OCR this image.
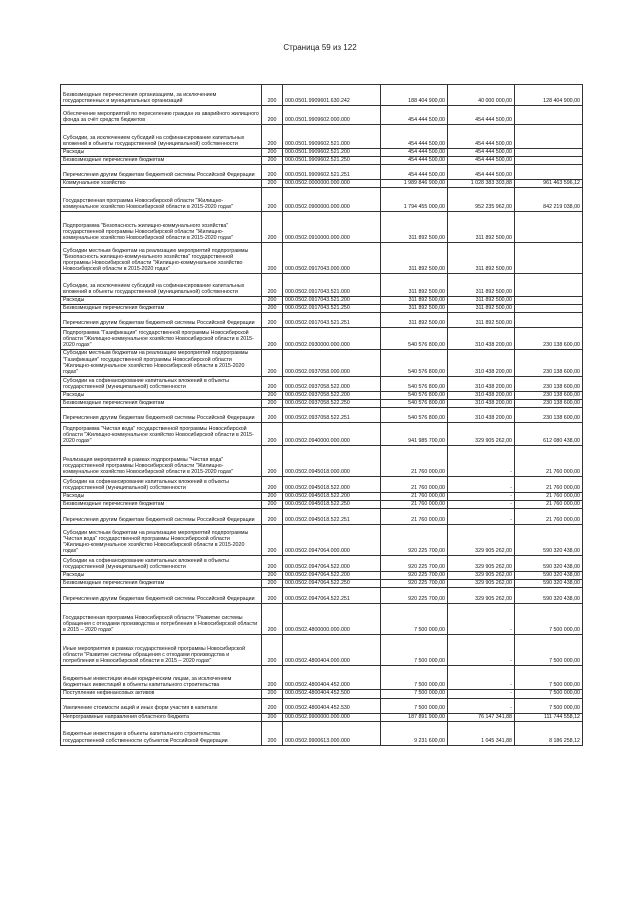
Страница 59 из 122
Безвозмездные перечисления организациям, за исключением государственных и муниципальных организаций	200	000.0501.9909601.630.242	188 404 900,00	40 000 000,00	128 404 900,00
Обеспечение мероприятий по переселению граждан из аварийного жилищного фонда за счёт средств бюджетов	200	000.0501.9909602.000.000	454 444 500,00	454 444 500,00	
Субсидии, за исключением субсидий на софинансирование капитальных вложений в объекты государственной (муниципальной) собственности	200	000.0501.9909602.521.000	454 444 500,00	454 444 500,00	
Расходы	200	000.0501.9909602.521.200	454 444 500,00	454 444 500,00	
Безвозмездные перечисления бюджетам	200	000.0501.9909602.521.250	454 444 500,00	454 444 500,00	
Перечисления другим бюджетам бюджетной системы Российской Федерации	200	000.0501.9909602.521.251	454 444 500,00	454 444 500,00	
Коммунальное хозяйство	200	000.0502.0000000.000.000	1 989 846 900,00	1 028 383 303,88	961 463 596,12
Государственная программа Новосибирской области "Жилищно-коммунальное хозяйство Новосибирской области в 2015-2020 годах"	200	000.0502.0900000.000.000	1 794 455 000,00	952 235 962,00	842 219 038,00
Подпрограмма "Безопасность жилищно-коммунального хозяйства" государственной программы Новосибирской области "Жилищно-коммунальное хозяйство Новосибирской области в 2015-2020 годах"	200	000.0502.0910000.000.000	311 892 500,00	311 892 500,00	
Субсидии местным бюджетам на реализацию мероприятий подпрограммы "Безопасность жилищно-коммунального хозяйства" государственной программы Новосибирской области "Жилищно-коммунальное хозяйство Новосибирской области в 2015-2020 годах"	200	000.0502.0917043.000.000	311 892 500,00	311 892 500,00	
Субсидии, за исключением субсидий на софинансирование капитальных вложений в объекты государственной (муниципальной) собственности	200	000.0502.0917043.521.000	311 892 500,00	311 892 500,00	
Расходы	200	000.0502.0917043.521.200	311 892 500,00	311 892 500,00	
Безвозмездные перечисления бюджетам	200	000.0502.0917043.521.250	311 892 500,00	311 892 500,00	
Перечисления другим бюджетам бюджетной системы Российской Федерации	200	000.0502.0917043.521.251	311 892 500,00	311 892 500,00	
Подпрограмма "Газификация" государственной программы Новосибирской области "Жилищно-коммунальное хозяйство Новосибирской области в 2015-2020 годах"	200	000.0502.0930000.000.000	540 576 800,00	310 438 200,00	230 138 600,00
Субсидии местным бюджетам на реализацию мероприятий подпрограммы "Газификация" государственной программы Новосибирской области "Жилищно-коммунальное хозяйство Новосибирской области в 2015-2020 годах"	200	000.0502.0937058.000.000	540 576 800,00	310 438 200,00	230 138 600,00
Субсидии на софинансирование капитальных вложений в объекты государственной (муниципальной) собственности	200	000.0502.0937058.522.000	540 576 800,00	310 438 200,00	230 138 600,00
Расходы	200	000.0502.0937058.522.200	540 576 800,00	310 438 200,00	230 138 600,00
Безвозмездные перечисления бюджетам	200	000.0502.0937058.522.250	540 576 800,00	310 438 200,00	230 138 600,00
Перечисления другим бюджетам бюджетной системы Российской Федерации	200	000.0502.0937058.522.251	540 576 800,00	310 438 200,00	230 138 600,00
Подпрограмма "Чистая вода" государственной программы Новосибирской области "Жилищно-коммунальное хозяйство Новосибирской области в 2015-2020 годах"	200	000.0502.0940000.000.000	941 985 700,00	329 905 262,00	612 080 438,00
Реализация мероприятий в рамках подпрограммы "Чистая вода" государственной программы Новосибирской области "Жилищно-коммунальное хозяйство Новосибирской области в 2015-2020 годах"	200	000.0502.0945018.000.000	21 760 000,00	-	21 760 000,00
Субсидии на софинансирование капитальных вложений в объекты государственной (муниципальной) собственности	200	000.0502.0945018.522.000	21 760 000,00	-	21 760 000,00
Расходы	200	000.0502.0945018.522.200	21 760 000,00	-	21 760 000,00
Безвозмездные перечисления бюджетам	200	000.0502.0945018.522.250	21 760 000,00	-	21 760 000,00
Перечисления другим бюджетам бюджетной системы Российской Федерации	200	000.0502.0945018.522.251	21 760 000,00	-	21 760 000,00
Субсидии местным бюджетам на реализацию мероприятий подпрограммы "Чистая вода" государственной программы Новосибирской области "Жилищно-коммунальное хозяйство Новосибирской области в 2015-2020 годах"	200	000.0502.0947064.000.000	920 225 700,00	329 905 262,00	590 320 438,00
Субсидии на софинансирование капитальных вложений в объекты государственной (муниципальной) собственности	200	000.0502.0947064.522.000	920 225 700,00	329 905 262,00	590 320 438,00
Расходы	200	000.0502.0947064.522.200	920 225 700,00	329 905 262,00	590 320 438,00
Безвозмездные перечисления бюджетам	200	000.0502.0947064.522.250	920 225 700,00	329 905 262,00	590 320 438,00
Перечисления другим бюджетам бюджетной системы Российской Федерации	200	000.0502.0947064.522.251	920 225 700,00	329 905 262,00	590 320 438,00
Государственная программа Новосибирской области "Развитие системы обращения с отходами производства и потребления в Новосибирской области в 2015 – 2020 годах"	200	000.0502.4800000.000.000	7 500 000,00	-	7 500 000,00
Иные мероприятия в рамках государственной программы Новосибирской области "Развитие системы обращения с отходами производства и потребления в Новосибирской области в 2015 – 2020 годах"	200	000.0502.4800404.000.000	7 500 000,00	-	7 500 000,00
Бюджетные инвестиции иным юридическим лицам, за исключением бюджетных инвестиций в объекты капитального строительства	200	000.0502.4800404.452.000	7 500 000,00	-	7 500 000,00
Поступление нефинансовых активов	200	000.0502.4800404.452.500	7 500 000,00	-	7 500 000,00
Увеличение стоимости акций и иных форм участия в капитале	200	000.0502.4800404.452.530	7 500 000,00	-	7 500 000,00
Непрограммные направления областного бюджета	200	000.0502.9900000.000.000	187 891 900,00	76 147 341,88	111 744 558,12
Бюджетные инвестиции в объекты капитального строительства государственной собственности субъектов Российской Федерации	200	000.0502.9900613.000.000	9 231 600,00	1 045 341,88	8 186 258,12
